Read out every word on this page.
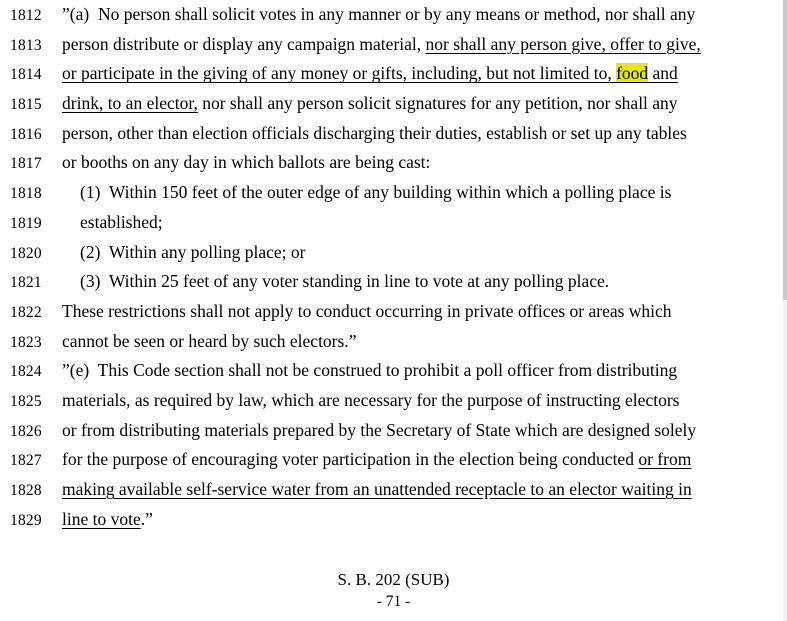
1812	”(a)  No person shall solicit votes in any manner or by any means or method, nor shall any
1813	person distribute or display any campaign material, nor shall any person give, offer to give,
1814	or participate in the giving of any money or gifts, including, but not limited to, food and
1815	drink, to an elector, nor shall any person solicit signatures for any petition, nor shall any
1816	person, other than election officials discharging their duties, establish or set up any tables
1817	or booths on any day in which ballots are being cast:
1818	(1)  Within 150 feet of the outer edge of any building within which a polling place is
1819	established;
1820	(2)  Within any polling place; or
1821	(3)  Within 25 feet of any voter standing in line to vote at any polling place.
1822	These restrictions shall not apply to conduct occurring in private offices or areas which
1823	cannot be seen or heard by such electors.”
1824	”(e)  This Code section shall not be construed to prohibit a poll officer from distributing
1825	materials, as required by law, which are necessary for the purpose of instructing electors
1826	or from distributing materials prepared by the Secretary of State which are designed solely
1827	for the purpose of encouraging voter participation in the election being conducted or from
1828	making available self-service water from an unattended receptacle to an elector waiting in
1829	line to vote.”
S. B. 202 (SUB)
- 71 -
